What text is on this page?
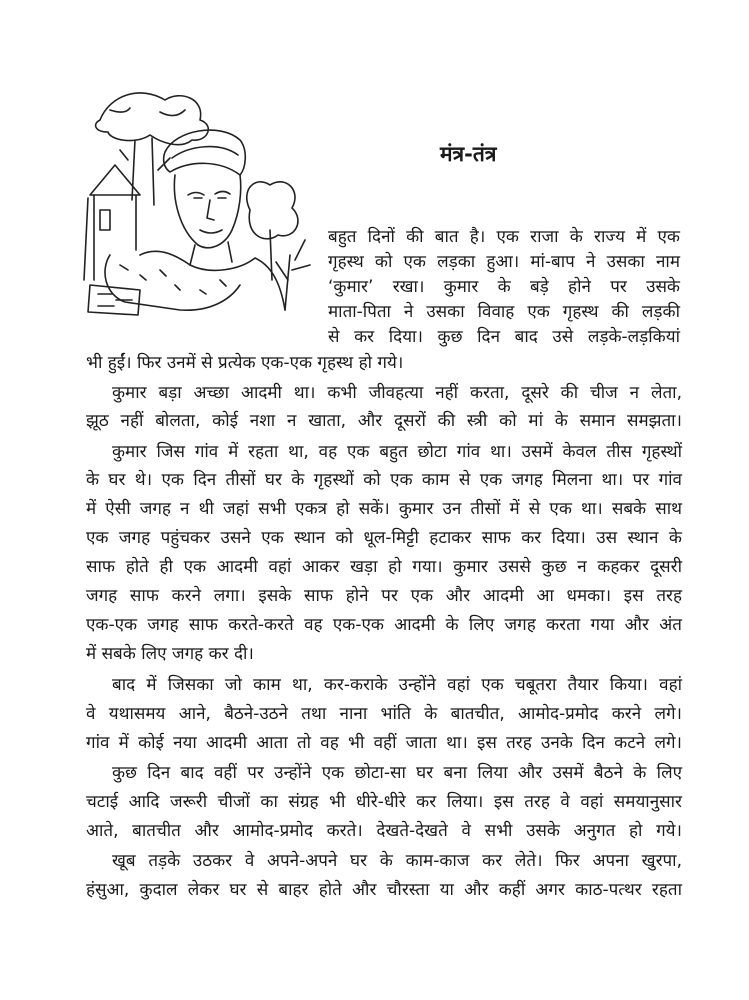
मंत्र-तंत्र
बहुत दिनों की बात है। एक राजा के राज्य में एक
गृहस्थ को एक लड़का हुआ। मां-बाप ने उसका नाम
‘कुमार’ रखा। कुमार के बड़े होने पर उसके
माता-पिता ने उसका विवाह एक गृहस्थ की लड़की
से कर दिया। कुछ दिन बाद उसे लड़के-लड़कियां
भी हुईं। फिर उनमें से प्रत्येक एक-एक गृहस्थ हो गये।
कुमार बड़ा अच्छा आदमी था। कभी जीवहत्या नहीं करता, दूसरे की चीज न लेता,
झूठ नहीं बोलता, कोई नशा न खाता, और दूसरों की स्त्री को मां के समान समझता।
कुमार जिस गांव में रहता था, वह एक बहुत छोटा गांव था। उसमें केवल तीस गृहस्थों
के घर थे। एक दिन तीसों घर के गृहस्थों को एक काम से एक जगह मिलना था। पर गांव
में ऐसी जगह न थी जहां सभी एकत्र हो सकें। कुमार उन तीसों में से एक था। सबके साथ
एक जगह पहुंचकर उसने एक स्थान को धूल-मिट्टी हटाकर साफ कर दिया। उस स्थान के
साफ होते ही एक आदमी वहां आकर खड़ा हो गया। कुमार उससे कुछ न कहकर दूसरी
जगह साफ करने लगा। इसके साफ होने पर एक और आदमी आ धमका। इस तरह
एक-एक जगह साफ करते-करते वह एक-एक आदमी के लिए जगह करता गया और अंत
में सबके लिए जगह कर दी।
बाद में जिसका जो काम था, कर-कराके उन्होंने वहां एक चबूतरा तैयार किया। वहां
वे यथासमय आने, बैठने-उठने तथा नाना भांति के बातचीत, आमोद-प्रमोद करने लगे।
गांव में कोई नया आदमी आता तो वह भी वहीं जाता था। इस तरह उनके दिन कटने लगे।
कुछ दिन बाद वहीं पर उन्होंने एक छोटा-सा घर बना लिया और उसमें बैठने के लिए
चटाई आदि जरूरी चीजों का संग्रह भी धीरे-धीरे कर लिया। इस तरह वे वहां समयानुसार
आते, बातचीत और आमोद-प्रमोद करते। देखते-देखते वे सभी उसके अनुगत हो गये।
खूब तड़के उठकर वे अपने-अपने घर के काम-काज कर लेते। फिर अपना खुरपा,
हंसुआ, कुदाल लेकर घर से बाहर होते और चौरस्ता या और कहीं अगर काठ-पत्थर रहता
